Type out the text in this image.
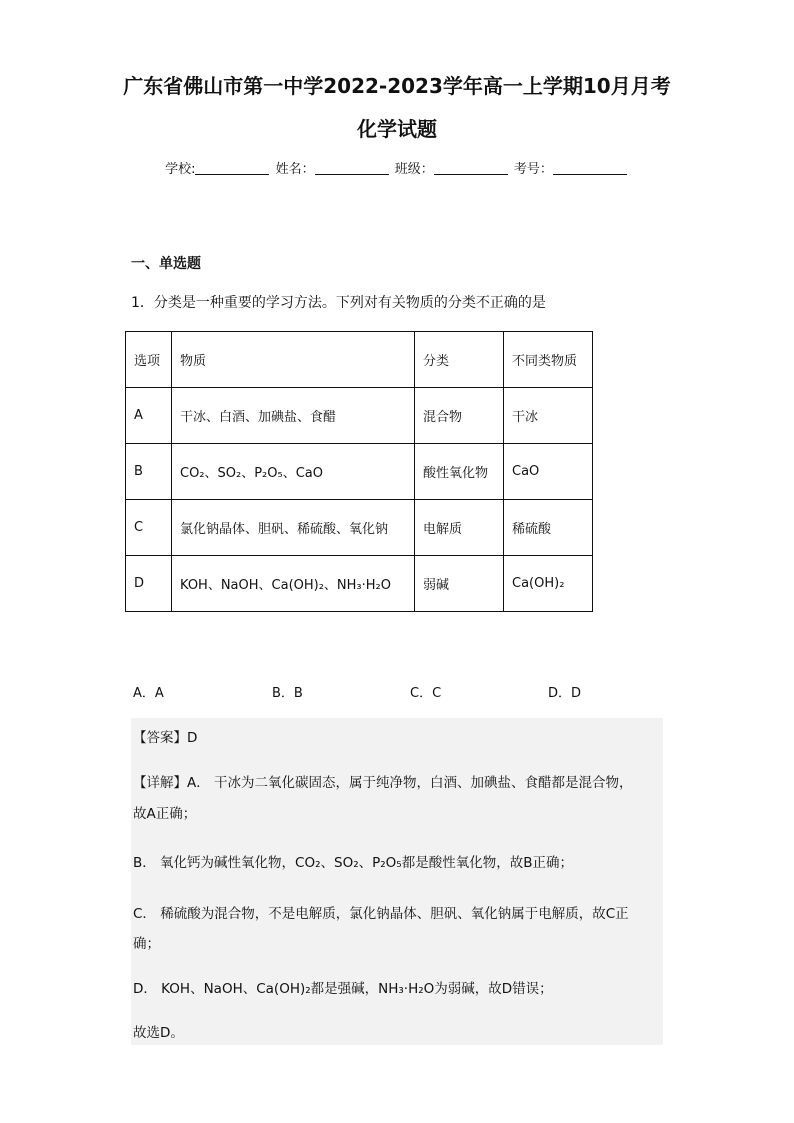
广东省佛山市第一中学2022-2023学年高一上学期10月月考
化学试题
学校:	姓名：	班级：	考号：
一、单选题
1．分类是一种重要的学习方法。下列对有关物质的分类不正确的是
选项	物质	分类	不同类物质
A	干冰、白酒、加碘盐、食醋	混合物	干冰
B	CO₂、SO₂、P₂O₅、CaO	酸性氧化物	CaO
C	氯化钠晶体、胆矾、稀硫酸、氧化钠	电解质	稀硫酸
D	KOH、NaOH、Ca(OH)₂、NH₃·H₂O	弱碱	Ca(OH)₂
A．A	B．B	C．C	D．D
【答案】D
【详解】A． 干冰为二氧化碳固态，属于纯净物，白酒、加碘盐、食醋都是混合物，
故A正确；
B． 氧化钙为碱性氧化物，CO₂、SO₂、P₂O₅都是酸性氧化物，故B正确；
C． 稀硫酸为混合物，不是电解质，氯化钠晶体、胆矾、氧化钠属于电解质，故C正
确；
D． KOH、NaOH、Ca(OH)₂都是强碱，NH₃·H₂O为弱碱，故D错误；
故选D。
